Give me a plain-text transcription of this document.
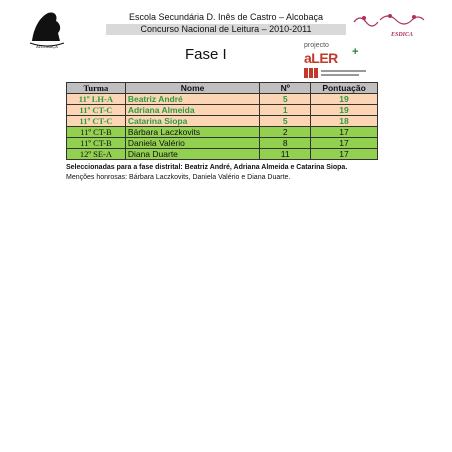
ALCOBAÇA
ESDICA
Escola Secundária D. Inês de Castro – Alcobaça
Concurso Nacional de Leitura – 2010-2011
Fase I
projecto
aLER +
Turma	Nome	Nº	Pontuação
11º LH-A	Beatriz André	5	19
11º CT-C	Adriana Almeida	1	19
11º CT-C	Catarina Siopa	5	18
11º CT-B	Bárbara Laczkovits	2	17
11º CT-B	Daniela Valério	8	17
12º SE-A	Diana Duarte	11	17
Seleccionadas para a fase distrital: Beatriz André, Adriana Almeida e Catarina Siopa.
Menções honrosas: Bárbara Laczkovits, Daniela Valério e Diana Duarte.
